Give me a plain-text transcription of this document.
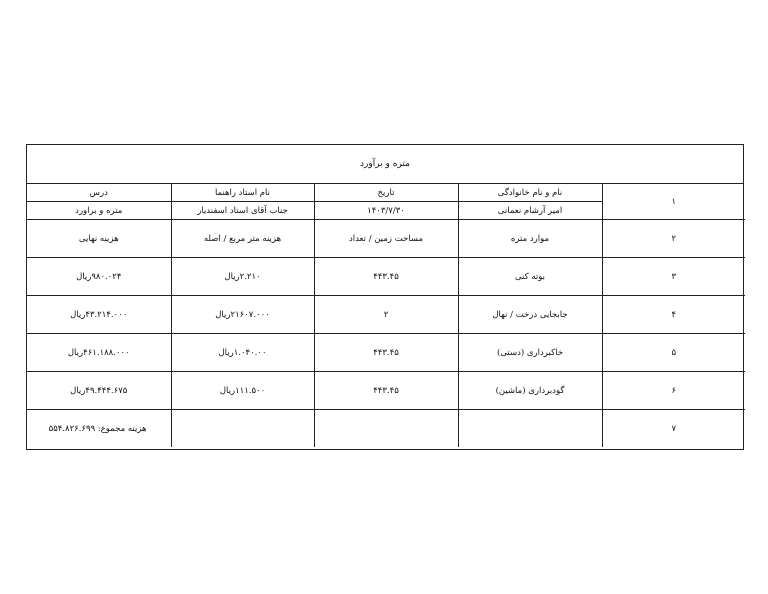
متره و برآورد
۱	نام و نام خانوادگی	تاریخ	نام استاد راهنما	درس
	امیر آرشام نعمانی	۱۴۰۳/۷/۳۰	جناب آقای استاد اسفندیار	متره و براورد
۲	موارد متره	مساحت زمین / تعداد	هزینه متر مربع / اصله	هزینه نهایی
۳	بوته کنی	۴۴۳.۴۵	۲.۲۱۰ریال	۹۸۰.۰۲۴ریال
۴	جابجایی درخت / نهال	۲	۲۱۶۰۷.۰۰۰ریال	۴۳.۲۱۴.۰۰۰ریال
۵	خاکبرداری (دستی)	۴۴۳.۴۵	۱.۰۴۰.۰۰ریال	۴۶۱.۱۸۸.۰۰۰ریال
۶	گودبرداری (ماشین)	۴۴۳.۴۵	۱۱۱.۵۰۰ریال	۴۹.۴۴۴.۶۷۵ریال
۷				هزینه مجموع: ۵۵۴.۸۲۶.۶۹۹
